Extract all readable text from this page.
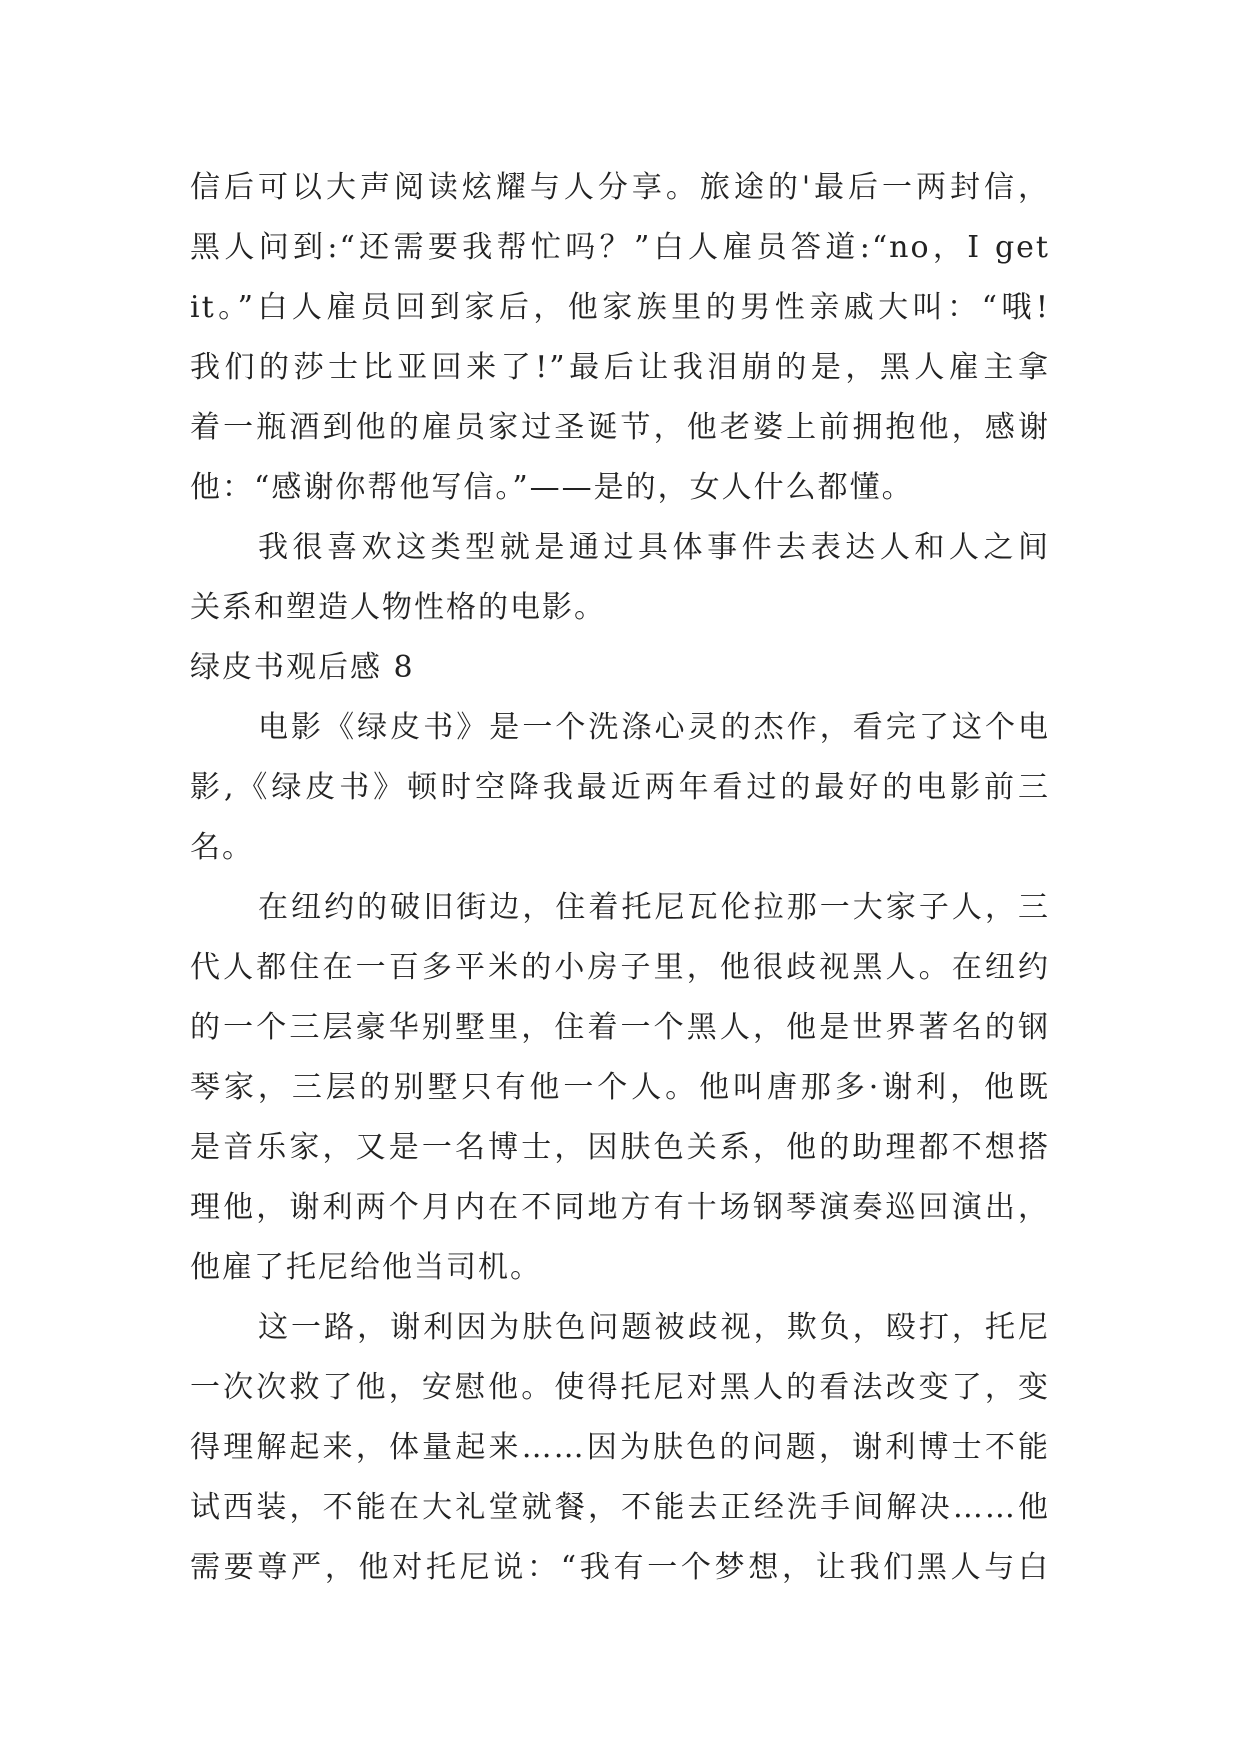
信后可以大声阅读炫耀与人分享。旅途的'最后一两封信，
黑人问到:“还需要我帮忙吗？”白人雇员答道:“no，I get
it。”白人雇员回到家后，他家族里的男性亲戚大叫：“哦!
我们的莎士比亚回来了!”最后让我泪崩的是，黑人雇主拿
着一瓶酒到他的雇员家过圣诞节，他老婆上前拥抱他，感谢
他：“感谢你帮他写信。”——是的，女人什么都懂。
我很喜欢这类型就是通过具体事件去表达人和人之间
关系和塑造人物性格的电影。
绿皮书观后感 8
电影《绿皮书》是一个洗涤心灵的杰作，看完了这个电
影,《绿皮书》顿时空降我最近两年看过的最好的电影前三
名。
在纽约的破旧街边，住着托尼瓦伦拉那一大家子人，三
代人都住在一百多平米的小房子里，他很歧视黑人。在纽约
的一个三层豪华别墅里，住着一个黑人，他是世界著名的钢
琴家，三层的别墅只有他一个人。他叫唐那多·谢利，他既
是音乐家，又是一名博士，因肤色关系，他的助理都不想搭
理他，谢利两个月内在不同地方有十场钢琴演奏巡回演出，
他雇了托尼给他当司机。
这一路，谢利因为肤色问题被歧视，欺负，殴打，托尼
一次次救了他，安慰他。使得托尼对黑人的看法改变了，变
得理解起来，体量起来……因为肤色的问题，谢利博士不能
试西装，不能在大礼堂就餐，不能去正经洗手间解决……他
需要尊严，他对托尼说：“我有一个梦想，让我们黑人与白
